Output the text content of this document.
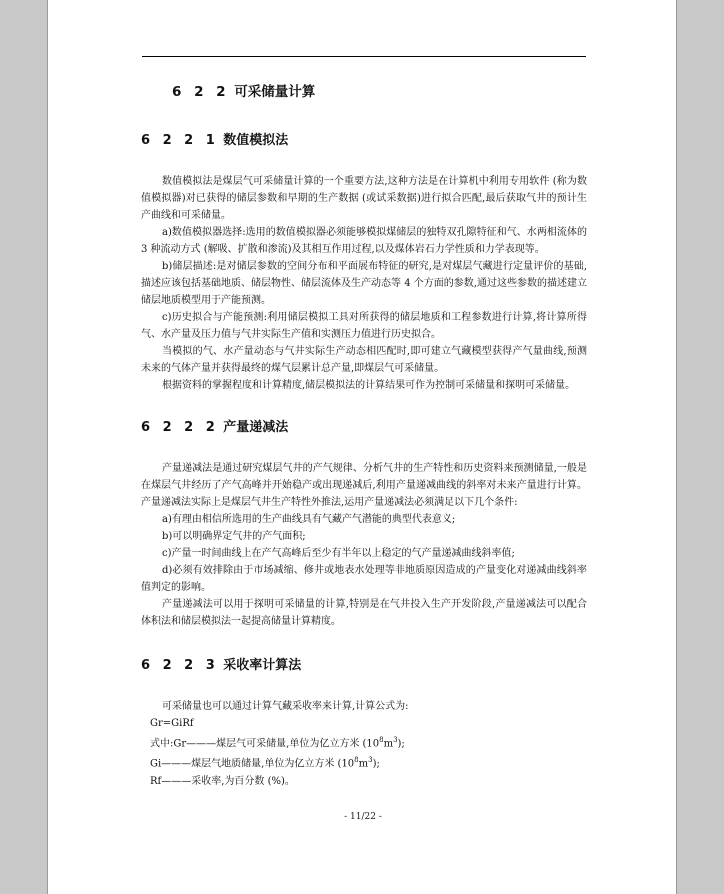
6 2 2 可采储量计算
6 2 2 1 数值模拟法

数值模拟法是煤层气可采储量计算的一个重要方法,这种方法是在计算机中利用专用软件 (称为数值模拟器)对已获得的储层参数和早期的生产数据 (或试采数据)进行拟合匹配,最后获取气井的预计生产曲线和可采储量。

a)数值模拟器选择:选用的数值模拟器必须能够模拟煤储层的独特双孔隙特征和气、水两相流体的 3 种流动方式 (解吸、扩散和渗流)及其相互作用过程,以及煤体岩石力学性质和力学表现等。

b)储层描述:是对储层参数的空间分布和平面展布特征的研究,是对煤层气藏进行定量评价的基础,描述应该包括基础地质、储层物性、储层流体及生产动态等 4 个方面的参数,通过这些参数的描述建立储层地质模型用于产能预测。

c)历史拟合与产能预测:利用储层模拟工具对所获得的储层地质和工程参数进行计算,将计算所得气、水产量及压力值与气井实际生产值和实测压力值进行历史拟合。

当模拟的气、水产量动态与气井实际生产动态相匹配时,即可建立气藏模型获得产气量曲线,预测未来的气体产量并获得最终的煤气层累计总产量,即煤层气可采储量。

根据资料的掌握程度和计算精度,储层模拟法的计算结果可作为控制可采储量和探明可采储量。

6 2 2 2 产量递减法

产量递减法是通过研究煤层气井的产气规律、分析气井的生产特性和历史资料来预测储量,一般是在煤层气井经历了产气高峰并开始稳产或出现递减后,利用产量递减曲线的斜率对未来产量进行计算。产量递减法实际上是煤层气井生产特性外推法,运用产量递减法必须满足以下几个条件:

a)有理由相信所选用的生产曲线具有气藏产气潜能的典型代表意义;

b)可以明确界定气井的产气面积;

c)产量一时间曲线上在产气高峰后至少有半年以上稳定的气产量递减曲线斜率值;

d)必须有效排除由于市场减缩、修井或地表水处理等非地质原因造成的产量变化对递减曲线斜率值判定的影响。

产量递减法可以用于探明可采储量的计算,特别是在气井投入生产开发阶段,产量递减法可以配合体积法和储层模拟法一起提高储量计算精度。

6 2 2 3 采收率计算法

可采储量也可以通过计算气藏采收率来计算,计算公式为:

Gr=GiRf

式中:Gr———煤层气可采储量,单位为亿立方米 $(10^8m^3)$;

Gi———煤层气地质储量,单位为亿立方米 $(10^8m^3)$;

Rf———采收率,为百分数 (%)。

- 11/22 -
